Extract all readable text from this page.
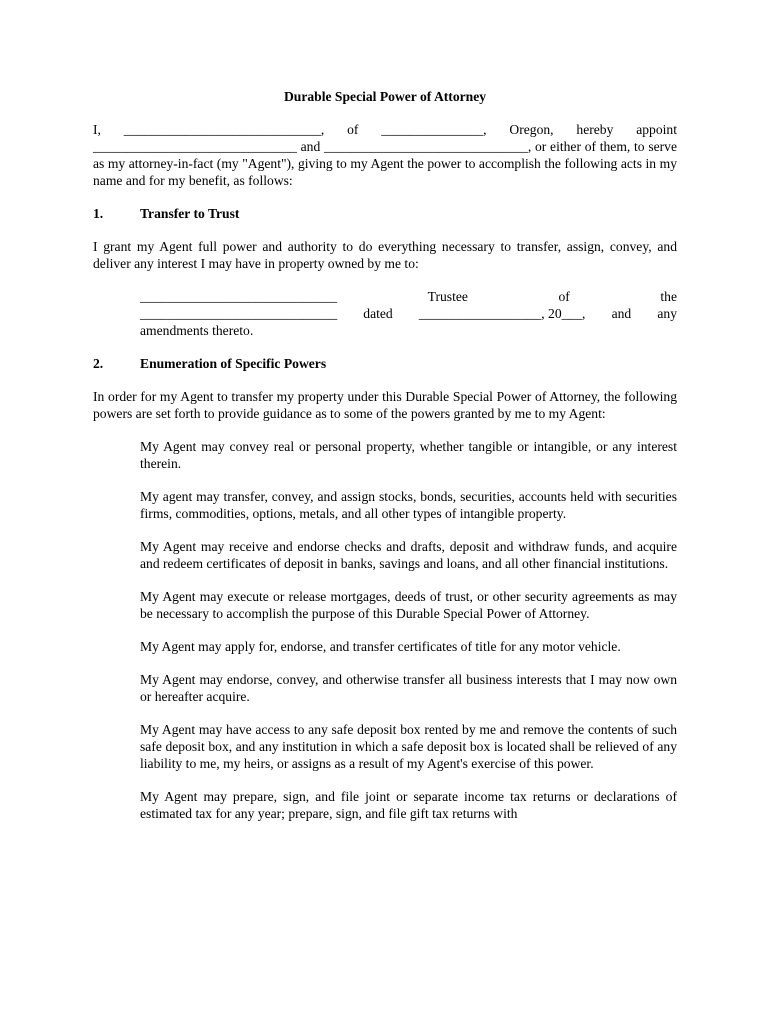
Durable Special Power of Attorney
I, _____________________________, of _______________, Oregon, hereby appoint ______________________________ and ______________________________, or either of them, to serve as my attorney-in-fact (my "Agent"), giving to my Agent the power to accomplish the following acts in my name and for my benefit, as follows:
1.	Transfer to Trust
I grant my Agent full power and authority to do everything necessary to transfer, assign, convey, and deliver any interest I may have in property owned by me to:
_____________________________	Trustee	of	the
_____________________________ dated __________________, 20___, and any
amendments thereto.
2.	Enumeration of Specific Powers
In order for my Agent to transfer my property under this Durable Special Power of Attorney, the following powers are set forth to provide guidance as to some of the powers granted by me to my Agent:
My Agent may convey real or personal property, whether tangible or intangible, or any interest therein.
My agent may transfer, convey, and assign stocks, bonds, securities, accounts held with securities firms, commodities, options, metals, and all other types of intangible property.
My Agent may receive and endorse checks and drafts, deposit and withdraw funds, and acquire and redeem certificates of deposit in banks, savings and loans, and all other financial institutions.
My Agent may execute or release mortgages, deeds of trust, or other security agreements as may be necessary to accomplish the purpose of this Durable Special Power of Attorney.
My Agent may apply for, endorse, and transfer certificates of title for any motor vehicle.
My Agent may endorse, convey, and otherwise transfer all business interests that I may now own or hereafter acquire.
My Agent may have access to any safe deposit box rented by me and remove the contents of such safe deposit box, and any institution in which a safe deposit box is located shall be relieved of any liability to me, my heirs, or assigns as a result of my Agent's exercise of this power.
My Agent may prepare, sign, and file joint or separate income tax returns or declarations of estimated tax for any year; prepare, sign, and file gift tax returns with
